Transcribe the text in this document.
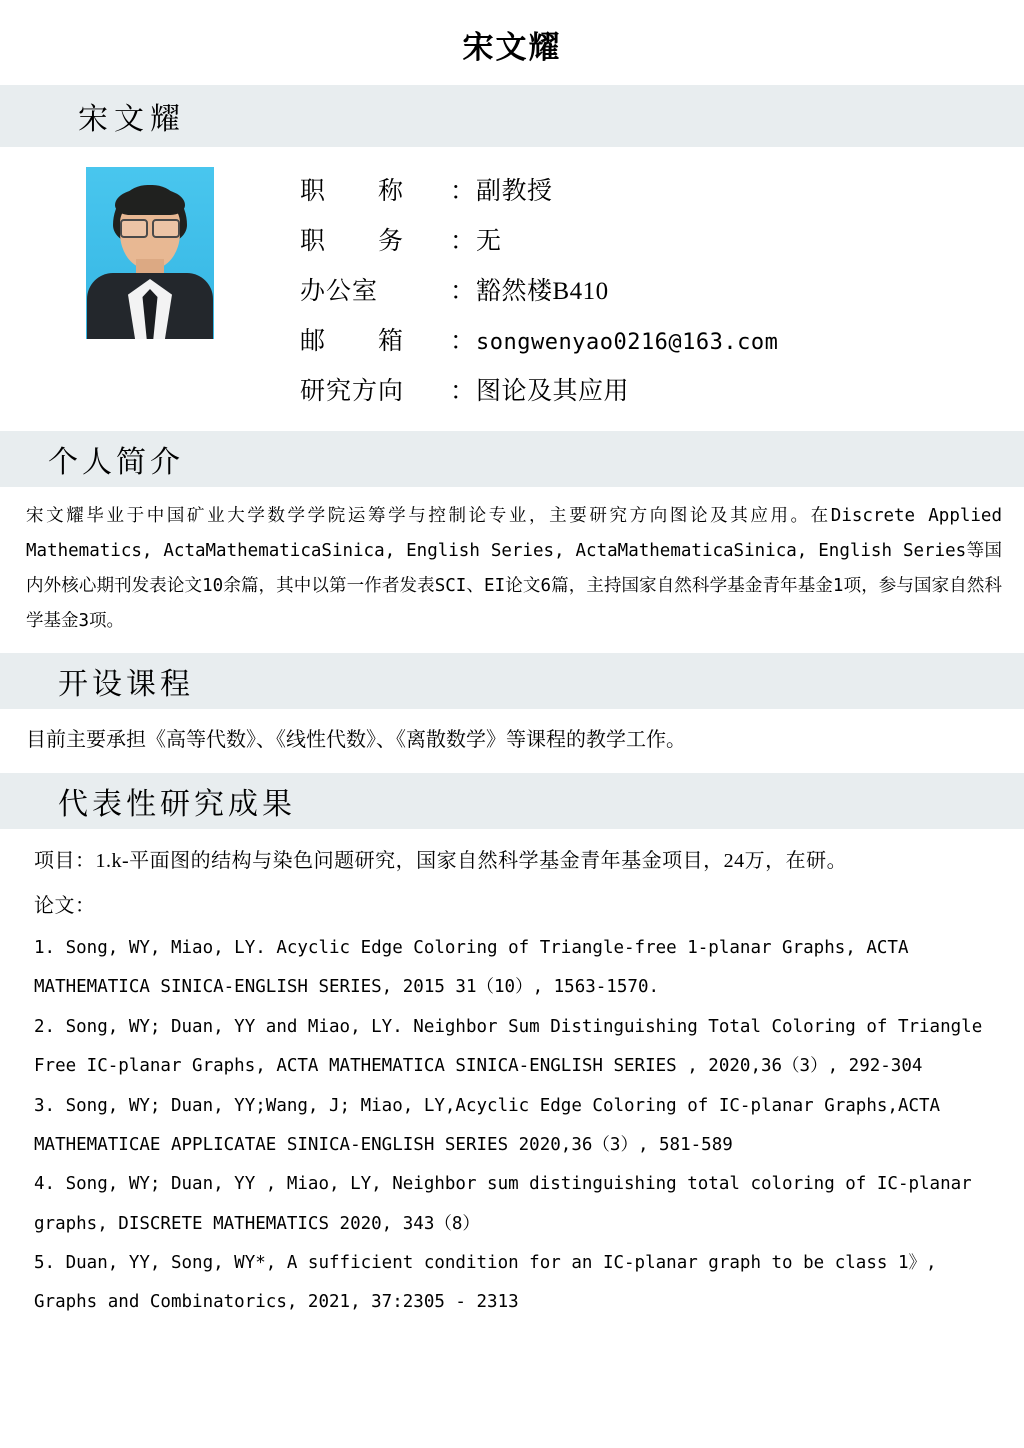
宋文耀
宋文耀
职　　称	： 副教授
职　　务	： 无
办公室	： 豁然楼B410
邮　　箱	： songwenyao0216@163.com
研究方向	： 图论及其应用
个人简介
宋文耀毕业于中国矿业大学数学学院运筹学与控制论专业，主要研究方向图论及其应用。在Discrete Applied Mathematics, ActaMathematicaSinica, English Series, ActaMathematicaSinica, English Series等国内外核心期刊发表论文10余篇，其中以第一作者发表SCI、EI论文6篇，主持国家自然科学基金青年基金1项，参与国家自然科学基金3项。
开设课程
目前主要承担《高等代数》、《线性代数》、《离散数学》等课程的教学工作。
代表性研究成果

项目：1.k-平面图的结构与染色问题研究，国家自然科学基金青年基金项目，24万，在研。

论文：

1. Song, WY, Miao, LY. Acyclic Edge Coloring of Triangle-free 1-planar Graphs, ACTA MATHEMATICA SINICA-ENGLISH SERIES, 2015 31（10）, 1563-1570.

2. Song, WY; Duan, YY and Miao, LY. Neighbor Sum Distinguishing Total Coloring of Triangle Free IC-planar Graphs, ACTA MATHEMATICA SINICA-ENGLISH SERIES , 2020,36（3）, 292-304

3. Song, WY; Duan, YY;Wang, J; Miao, LY,Acyclic Edge Coloring of IC-planar Graphs,ACTA MATHEMATICAE APPLICATAE SINICA-ENGLISH SERIES 2020,36（3）, 581-589

4. Song, WY; Duan, YY , Miao, LY, Neighbor sum distinguishing total coloring of IC-planar graphs, DISCRETE MATHEMATICS 2020, 343（8）

5. Duan, YY, Song, WY*, A sufficient condition for an IC-planar graph to be class 1》, Graphs and Combinatorics, 2021, 37:2305 - 2313
